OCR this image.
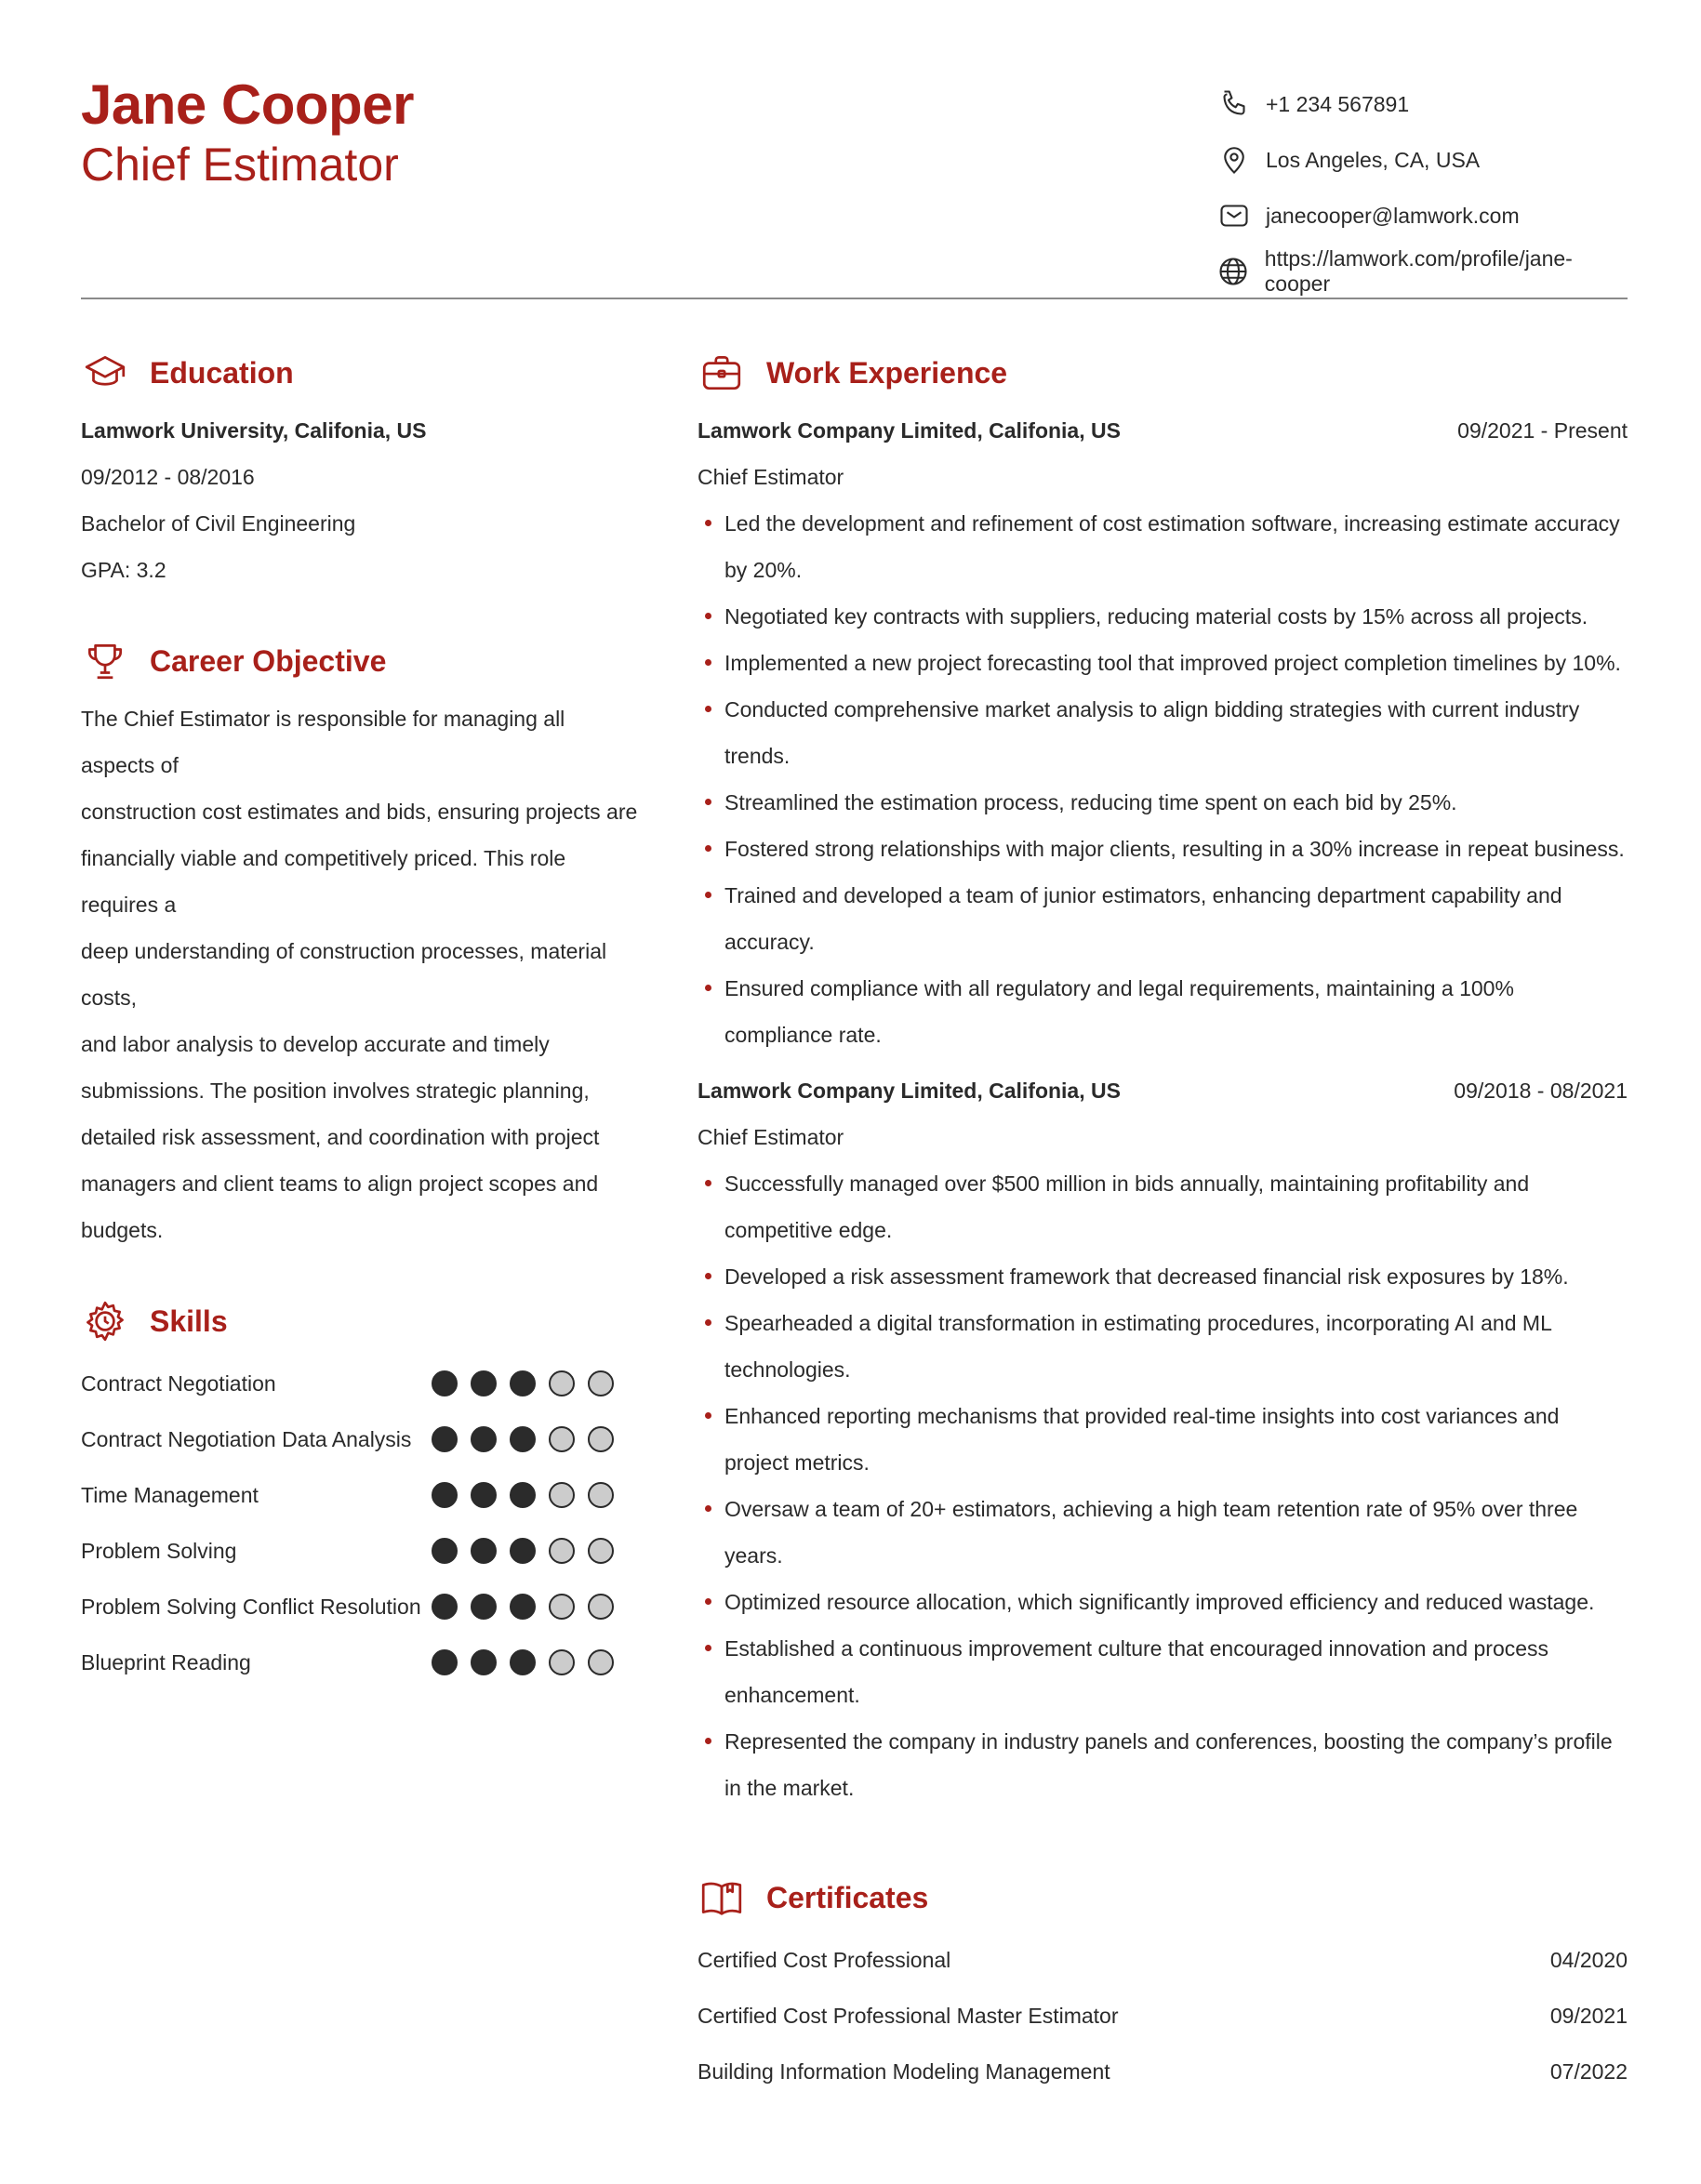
Jane Cooper
Chief Estimator
+1 234 567891
Los Angeles, CA, USA
janecooper@lamwork.com
https://lamwork.com/profile/jane-cooper
Education
Lamwork University, Califonia, US
09/2012 - 08/2016
Bachelor of Civil Engineering
GPA: 3.2
Career Objective
The Chief Estimator is responsible for managing all aspects of
construction cost estimates and bids, ensuring projects are
financially viable and competitively priced. This role requires a
deep understanding of construction processes, material costs,
and labor analysis to develop accurate and timely
submissions. The position involves strategic planning,
detailed risk assessment, and coordination with project
managers and client teams to align project scopes and
budgets.
Skills
Contract Negotiation
Contract Negotiation Data Analysis
Time Management
Problem Solving
Problem Solving Conflict Resolution
Blueprint Reading
Work Experience
Lamwork Company Limited, Califonia, US	09/2021 - Present
Chief Estimator
Led the development and refinement of cost estimation software, increasing estimate accuracy by 20%.
Negotiated key contracts with suppliers, reducing material costs by 15% across all projects.
Implemented a new project forecasting tool that improved project completion timelines by 10%.
Conducted comprehensive market analysis to align bidding strategies with current industry trends.
Streamlined the estimation process, reducing time spent on each bid by 25%.
Fostered strong relationships with major clients, resulting in a 30% increase in repeat business.
Trained and developed a team of junior estimators, enhancing department capability and accuracy.
Ensured compliance with all regulatory and legal requirements, maintaining a 100% compliance rate.
Lamwork Company Limited, Califonia, US	09/2018 - 08/2021
Chief Estimator
Successfully managed over $500 million in bids annually, maintaining profitability and competitive edge.
Developed a risk assessment framework that decreased financial risk exposures by 18%.
Spearheaded a digital transformation in estimating procedures, incorporating AI and ML technologies.
Enhanced reporting mechanisms that provided real-time insights into cost variances and project metrics.
Oversaw a team of 20+ estimators, achieving a high team retention rate of 95% over three years.
Optimized resource allocation, which significantly improved efficiency and reduced wastage.
Established a continuous improvement culture that encouraged innovation and process enhancement.
Represented the company in industry panels and conferences, boosting the company’s profile in the market.
Certificates
Certified Cost Professional	04/2020
Certified Cost Professional Master Estimator	09/2021
Building Information Modeling Management	07/2022
